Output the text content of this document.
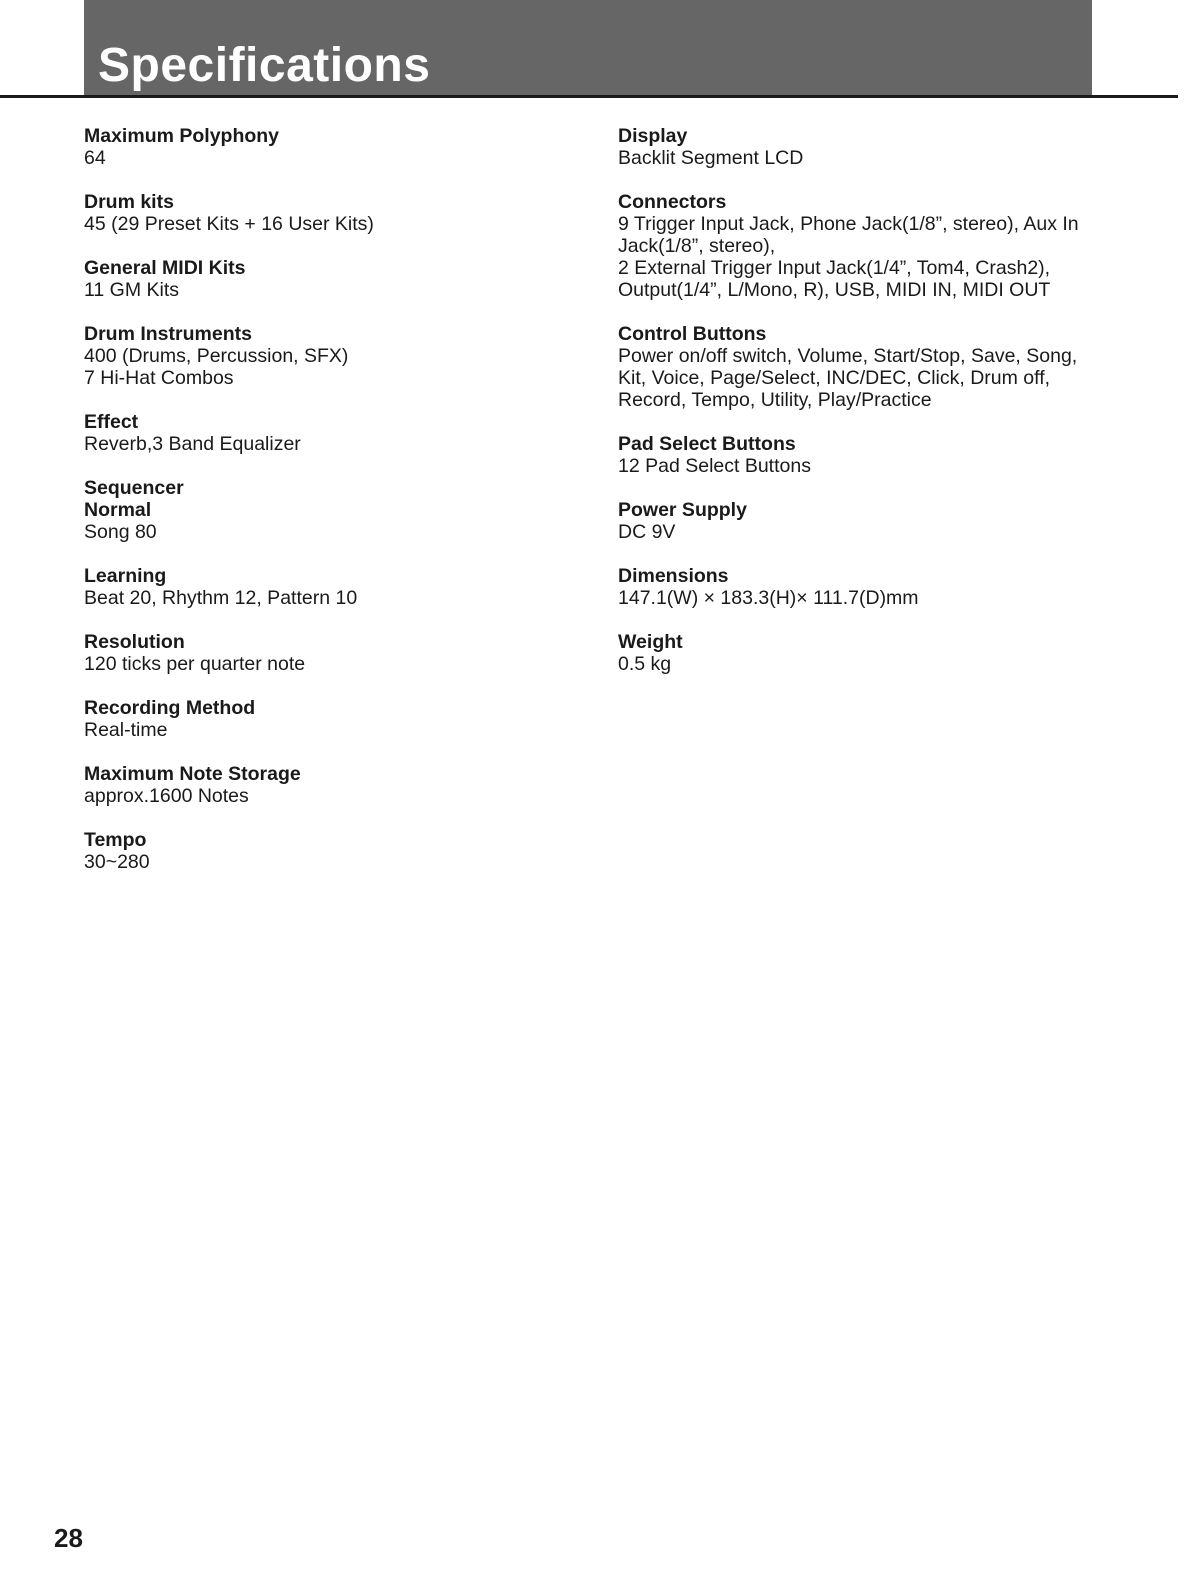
Specifications
Maximum Polyphony
64
Drum kits
45 (29 Preset Kits + 16 User Kits)
General MIDI Kits
11 GM Kits
Drum Instruments
400 (Drums, Percussion, SFX)
7 Hi-Hat Combos
Effect
Reverb,3 Band Equalizer
Sequencer
Normal
Song 80
Learning
Beat 20, Rhythm 12, Pattern 10
Resolution
120 ticks per quarter note
Recording Method
Real-time
Maximum Note Storage
approx.1600 Notes
Tempo
30~280
Display
Backlit Segment LCD
Connectors
9 Trigger Input Jack, Phone Jack(1/8”, stereo), Aux In
Jack(1/8”, stereo),
2 External Trigger Input Jack(1/4”, Tom4, Crash2),
Output(1/4”, L/Mono, R), USB, MIDI IN, MIDI OUT
Control Buttons
Power on/off switch, Volume, Start/Stop, Save, Song,
Kit, Voice, Page/Select, INC/DEC, Click, Drum off,
Record, Tempo, Utility, Play/Practice
Pad Select Buttons
12 Pad Select Buttons
Power Supply
DC 9V
Dimensions
147.1(W) × 183.3(H)× 111.7(D)mm
Weight
0.5 kg
28
